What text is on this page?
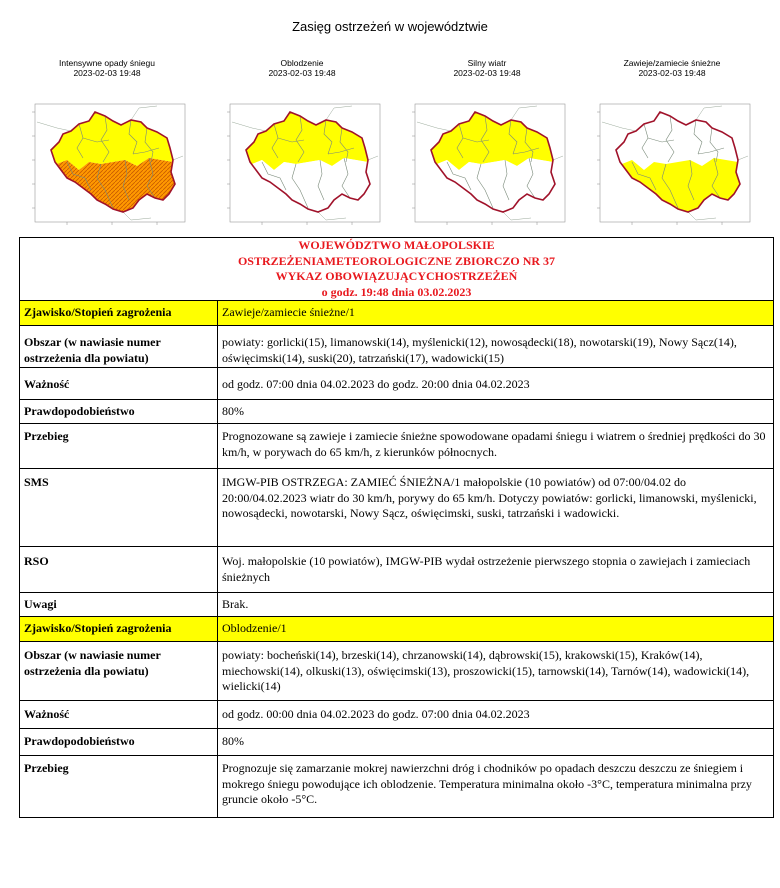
Zasięg ostrzeżeń w województwie
Intensywne opady śniegu
2023-02-03 19:48
Oblodzenie
2023-02-03 19:48
Silny wiatr
2023-02-03 19:48
Zawieje/zamiecie śnieżne
2023-02-03 19:48
WOJEWÓDZTWO MAŁOPOLSKIE
OSTRZEŻENIAMETEOROLOGICZNE ZBIORCZO NR 37
WYKAZ OBOWIĄZUJĄCYCHOSTRZEŻEŃ
o godz. 19:48 dnia 03.02.2023	

Zjawisko/Stopień zagrożenia	Zawieje/zamiecie śnieżne/1
Obszar (w nawiasie numer ostrzeżenia dla powiatu)	powiaty: gorlicki(15), limanowski(14), myślenicki(12), nowosądecki(18), nowotarski(19), Nowy Sącz(14), oświęcimski(14), suski(20), tatrzański(17), wadowicki(15)
Ważność	od godz. 07:00 dnia 04.02.2023 do godz. 20:00 dnia 04.02.2023
Prawdopodobieństwo	80%
Przebieg	Prognozowane są zawieje i zamiecie śnieżne spowodowane opadami śniegu i wiatrem o średniej prędkości do 30 km/h, w porywach do 65 km/h, z kierunków północnych.
SMS	IMGW-PIB OSTRZEGA: ZAMIEĆ ŚNIEŻNA/1 małopolskie (10 powiatów) od 07:00/04.02 do 20:00/04.02.2023 wiatr do 30 km/h, porywy do 65 km/h. Dotyczy powiatów: gorlicki, limanowski, myślenicki, nowosądecki, nowotarski, Nowy Sącz, oświęcimski, suski, tatrzański i wadowicki.
RSO	Woj. małopolskie (10 powiatów), IMGW-PIB wydał ostrzeżenie pierwszego stopnia o zawiejach i zamieciach śnieżnych
Uwagi	Brak.
Zjawisko/Stopień zagrożenia	Oblodzenie/1
Obszar (w nawiasie numer ostrzeżenia dla powiatu)	powiaty: bocheński(14), brzeski(14), chrzanowski(14), dąbrowski(15), krakowski(15), Kraków(14), miechowski(14), olkuski(13), oświęcimski(13), proszowicki(15), tarnowski(14), Tarnów(14), wadowicki(14), wielicki(14)
Ważność	od godz. 00:00 dnia 04.02.2023 do godz. 07:00 dnia 04.02.2023
Prawdopodobieństwo	80%
Przebieg	Prognozuje się zamarzanie mokrej nawierzchni dróg i chodników po opadach deszczu deszczu ze śniegiem i mokrego śniegu powodujące ich oblodzenie. Temperatura minimalna około -3°C, temperatura minimalna przy gruncie około -5°C.
